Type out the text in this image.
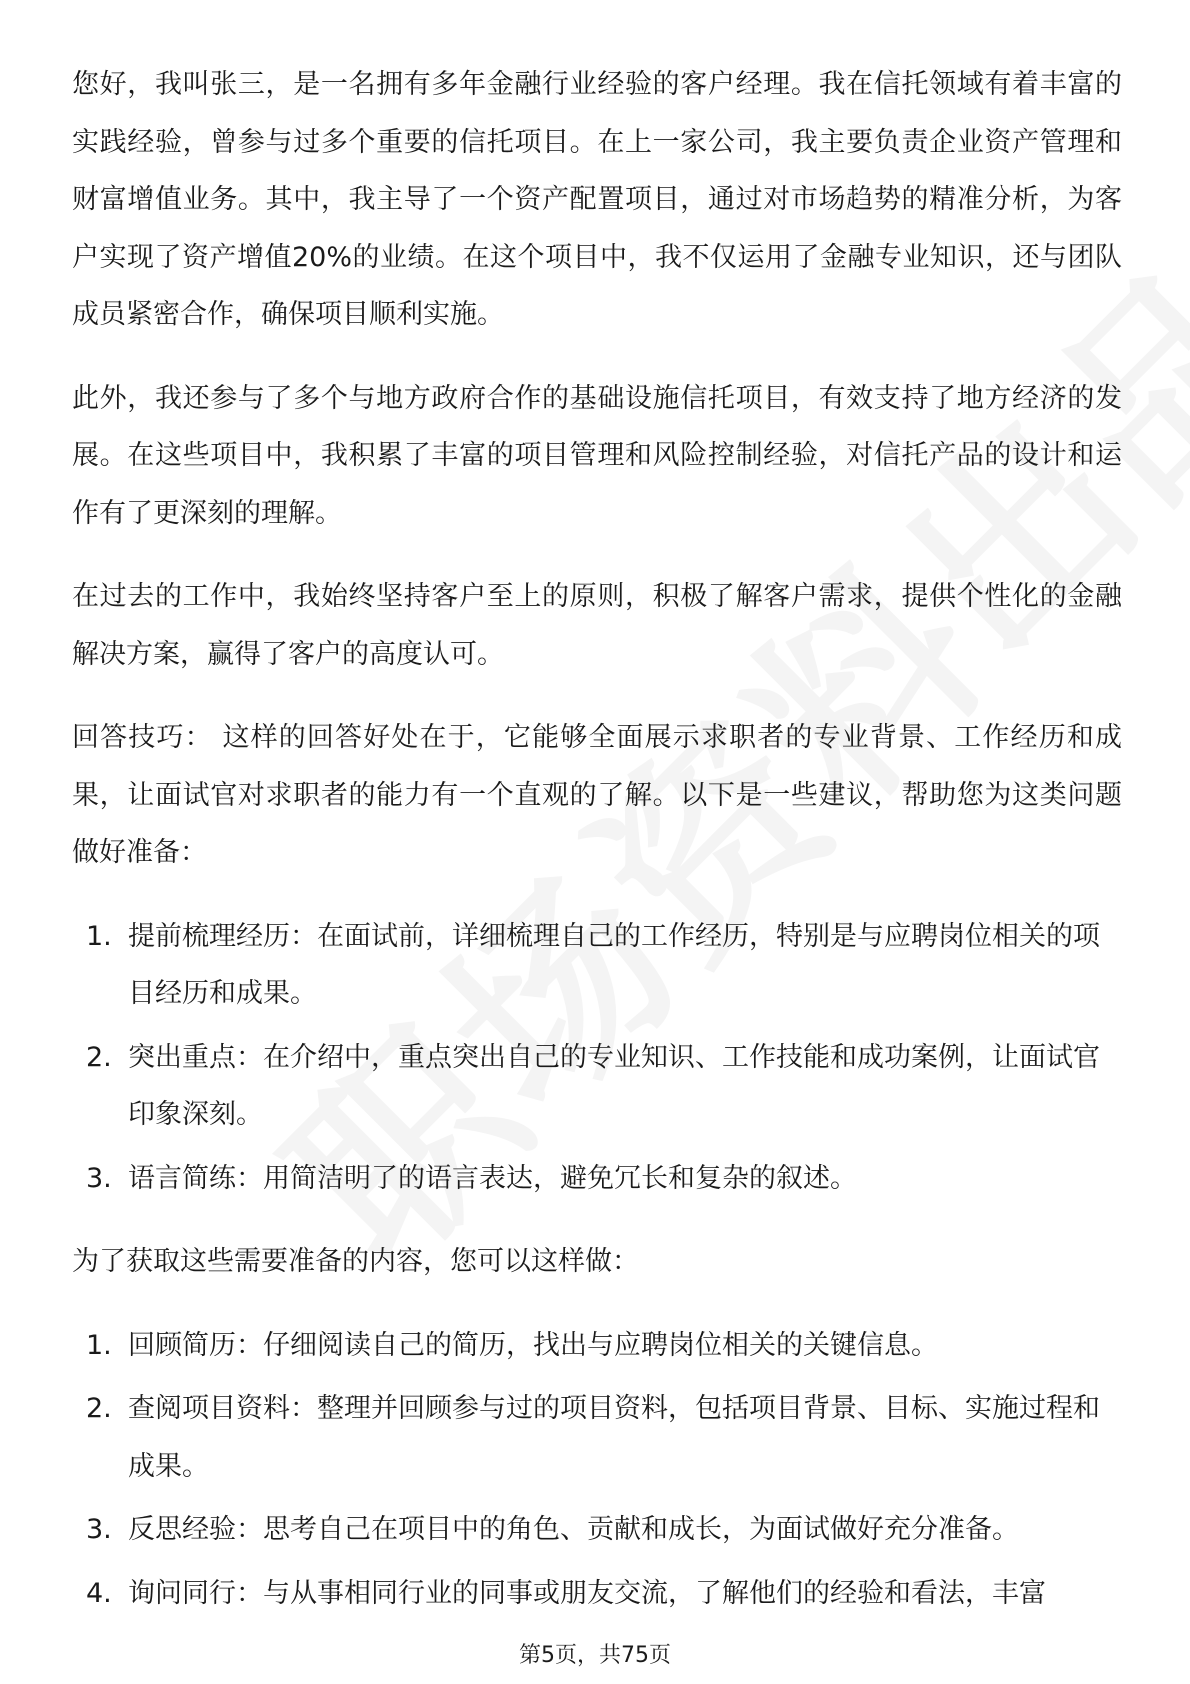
您好，我叫张三，是一名拥有多年金融行业经验的客户经理。我在信托领域有着丰富的实践经验，曾参与过多个重要的信托项目。在上一家公司，我主要负责企业资产管理和财富增值业务。其中，我主导了一个资产配置项目，通过对市场趋势的精准分析，为客户实现了资产增值20%的业绩。在这个项目中，我不仅运用了金融专业知识，还与团队成员紧密合作，确保项目顺利实施。

此外，我还参与了多个与地方政府合作的基础设施信托项目，有效支持了地方经济的发展。在这些项目中，我积累了丰富的项目管理和风险控制经验，对信托产品的设计和运作有了更深刻的理解。

在过去的工作中，我始终坚持客户至上的原则，积极了解客户需求，提供个性化的金融解决方案，赢得了客户的高度认可。

回答技巧： 这样的回答好处在于，它能够全面展示求职者的专业背景、工作经历和成果，让面试官对求职者的能力有一个直观的了解。以下是一些建议，帮助您为这类问题做好准备：

1. 提前梳理经历：在面试前，详细梳理自己的工作经历，特别是与应聘岗位相关的项目经历和成果。
2. 突出重点：在介绍中，重点突出自己的专业知识、工作技能和成功案例，让面试官印象深刻。
3. 语言简练：用简洁明了的语言表达，避免冗长和复杂的叙述。

为了获取这些需要准备的内容，您可以这样做：

1. 回顾简历：仔细阅读自己的简历，找出与应聘岗位相关的关键信息。
2. 查阅项目资料：整理并回顾参与过的项目资料，包括项目背景、目标、实施过程和成果。
3. 反思经验：思考自己在项目中的角色、贡献和成长，为面试做好充分准备。
4. 询问同行：与从事相同行业的同事或朋友交流，了解他们的经验和看法，丰富
第5页，共75页
